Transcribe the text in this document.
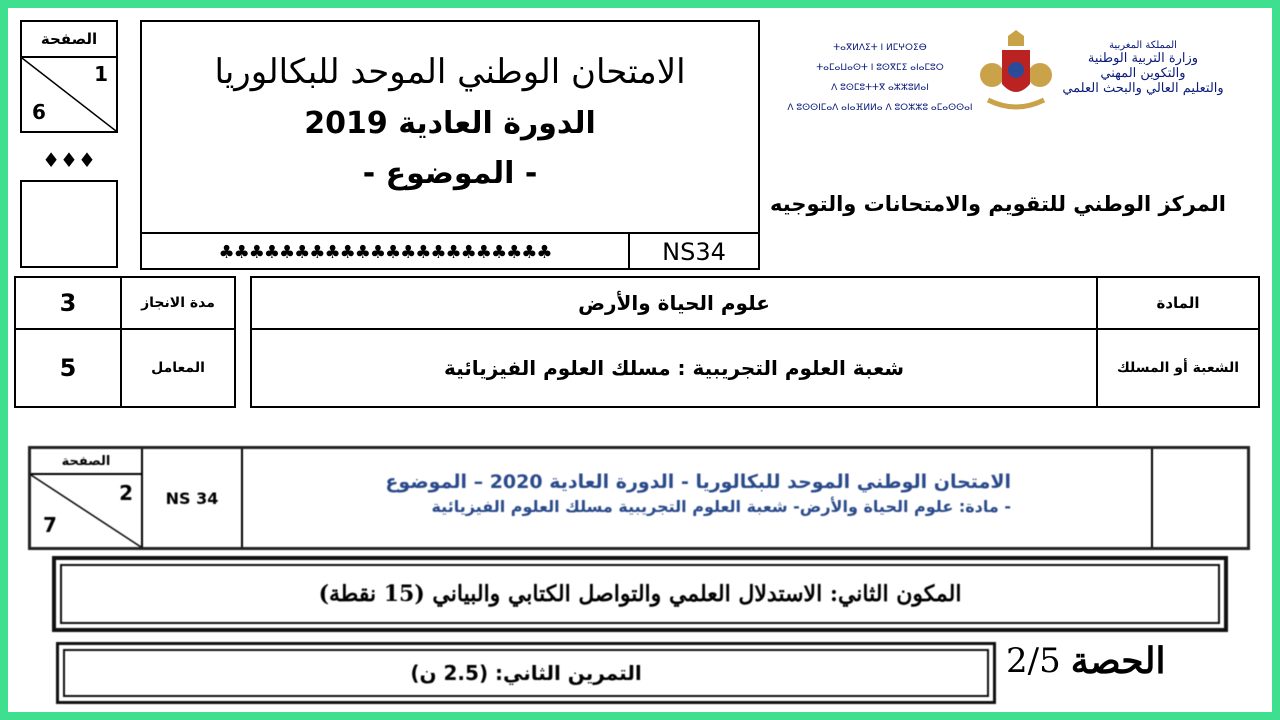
الصفحة
1
6
♦♦♦
الامتحان الوطني الموحد للبكالوريا
الدورة العادية 2019
- الموضوع -
♣♣♣♣♣♣♣♣♣♣♣♣♣♣♣♣♣♣♣♣♣♣	NS34
ⵜⴰⴳⵍⴷⵉⵜ ⵏ ⵍⵎⵖⵔⵉⴱ
ⵜⴰⵎⴰⵡⴰⵙⵜ ⵏ ⵓⵙⴳⵎⵉ ⴰⵏⴰⵎⵓⵔ
ⴷ ⵓⵙⵎⵓⵜⵜⴳ ⴰⵣⵣⵓⵍⴰⵏ
ⴷ ⵓⵙⵙⵏⵎⴰⴷ ⴰⵏⴰⴼⵍⵍⴰ ⴷ ⵓⵔⵣⵣⵓ ⴰⵎⴰⵙⵙⴰⵏ
المملكة المغربية
وزارة التربية الوطنية
والتكوين المهني
والتعليم العالي والبحث العلمي
المركز الوطني للتقويم والامتحانات والتوجيه
3	مدة الانجاز
5	المعامل
علوم الحياة والأرض	المادة
شعبة العلوم التجريبية : مسلك العلوم الفيزيائية	الشعبة أو المسلك
الصفحة
2
7
NS 34
الامتحان الوطني الموحد للبكالوريا - الدورة العادية 2020 – الموضوع
- مادة: علوم الحياة والأرض- شعبة العلوم التجريبية مسلك العلوم الفيزيائية
المكون الثاني: الاستدلال العلمي والتواصل الكتابي والبياني (15 نقطة)
التمرين الثاني: (2.5 ن)	2/5 الحصة
